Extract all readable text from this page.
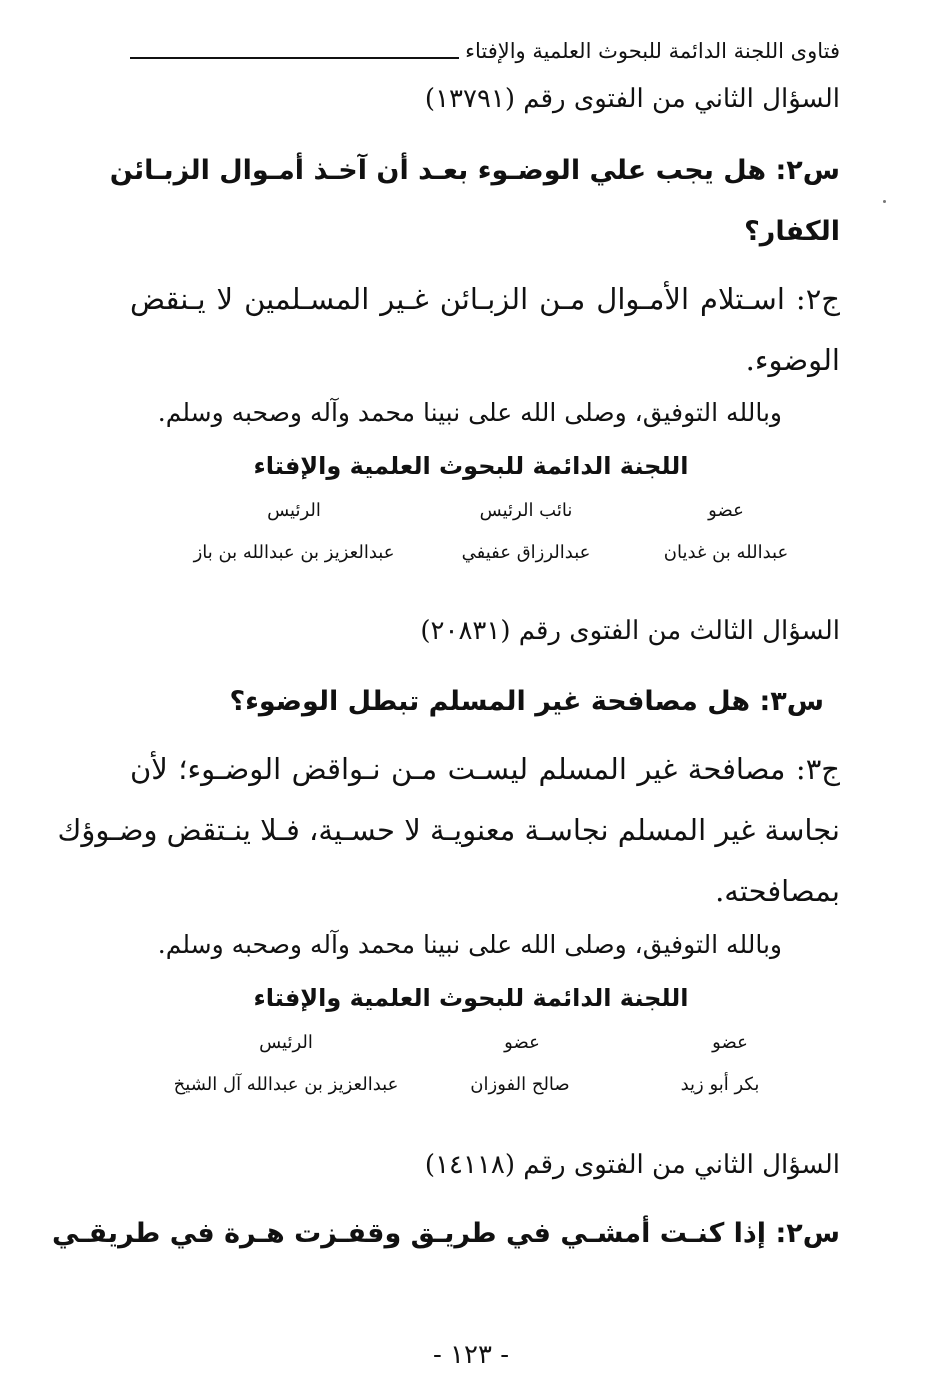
فتاوى اللجنة الدائمة للبحوث العلمية والإفتاء
السؤال الثاني من الفتوى رقم (١٣٧٩١)
س٢: هل يجب علي الوضـوء بعـد أن آخـذ أمـوال الزبـائن
الكفار؟
ج٢: اسـتلام الأمـوال مـن الزبـائن غـير المسـلمين لا يـنقض
الوضوء.
وبالله التوفيق، وصلى الله على نبينا محمد وآله وصحبه وسلم.
اللجنة الدائمة للبحوث العلمية والإفتاء
عضو
عبدالله بن غديان
نائب الرئيس
عبدالرزاق عفيفي
الرئيس
عبدالعزيز بن عبدالله بن باز
السؤال الثالث من الفتوى رقم (٢٠٨٣١)
س٣: هل مصافحة غير المسلم تبطل الوضوء؟
ج٣: مصافحة غير المسلم ليسـت مـن نـواقض الوضـوء؛ لأن
نجاسة غير المسلم نجاسـة معنويـة لا حسـية، فـلا ينـتقض وضـوؤك
بمصافحته.
وبالله التوفيق، وصلى الله على نبينا محمد وآله وصحبه وسلم.
اللجنة الدائمة للبحوث العلمية والإفتاء
عضو
بكر أبو زيد
عضو
صالح الفوزان
الرئيس
عبدالعزيز بن عبدالله آل الشيخ
السؤال الثاني من الفتوى رقم (١٤١١٨)
س٢: إذا كنـت أمشـي في طريـق وقفـزت هـرة في طريقـي
- ١٢٣ -
